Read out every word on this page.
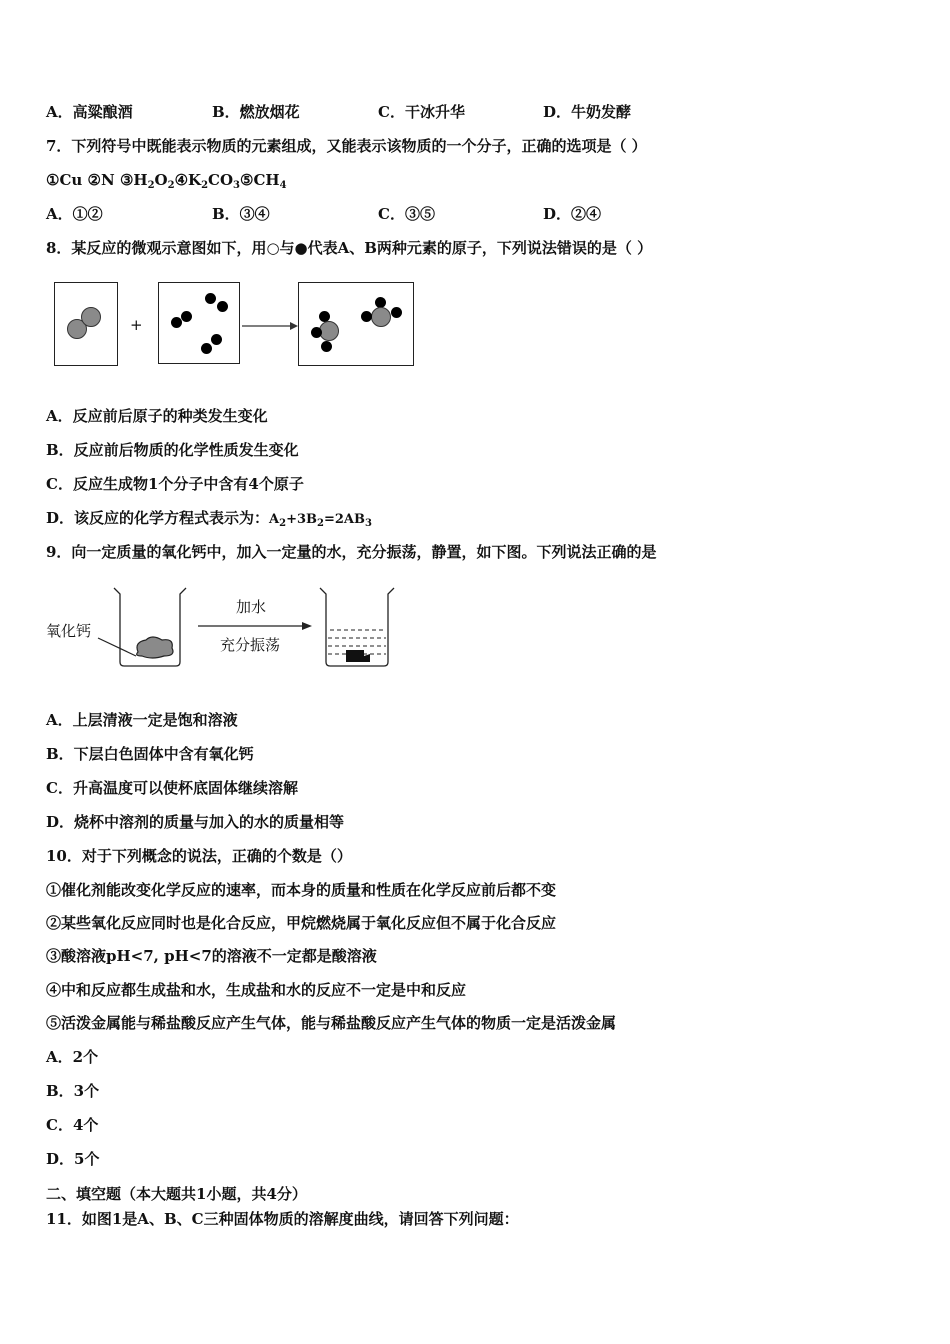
A．高粱酿酒	B．燃放烟花	C．干冰升华	D．牛奶发酵
7．下列符号中既能表示物质的元素组成，又能表示该物质的一个分子，正确的选项是（ ）
①Cu ②N $③H_2O_2④K_2CO_3⑤CH_4$
A．①②	B．③④	C．③⑤	D．②④
8．某反应的微观示意图如下，用○与●代表A、B两种元素的原子，下列说法错误的是（ ）
+
A．反应前后原子的种类发生变化
B．反应前后物质的化学性质发生变化
C．反应生成物1个分子中含有4个原子
D．该反应的化学方程式表示为：$A_2+3B_2=2AB_3$
9．向一定质量的氧化钙中，加入一定量的水，充分振荡，静置，如下图。下列说法正确的是
氧化钙
加水
充分振荡
A．上层清液一定是饱和溶液
B．下层白色固体中含有氧化钙
C．升高温度可以使杯底固体继续溶解
D．烧杯中溶剂的质量与加入的水的质量相等
10．对于下列概念的说法，正确的个数是（）
①催化剂能改变化学反应的速率，而本身的质量和性质在化学反应前后都不变
②某些氧化反应同时也是化合反应，甲烷燃烧属于氧化反应但不属于化合反应
③酸溶液pH<7, pH<7的溶液不一定都是酸溶液
④中和反应都生成盐和水，生成盐和水的反应不一定是中和反应
⑤活泼金属能与稀盐酸反应产生气体，能与稀盐酸反应产生气体的物质一定是活泼金属
A．2个
B．3个
C．4个
D．5个
二、填空题（本大题共1小题，共4分）
11．如图1是A、B、C三种固体物质的溶解度曲线，请回答下列问题：
